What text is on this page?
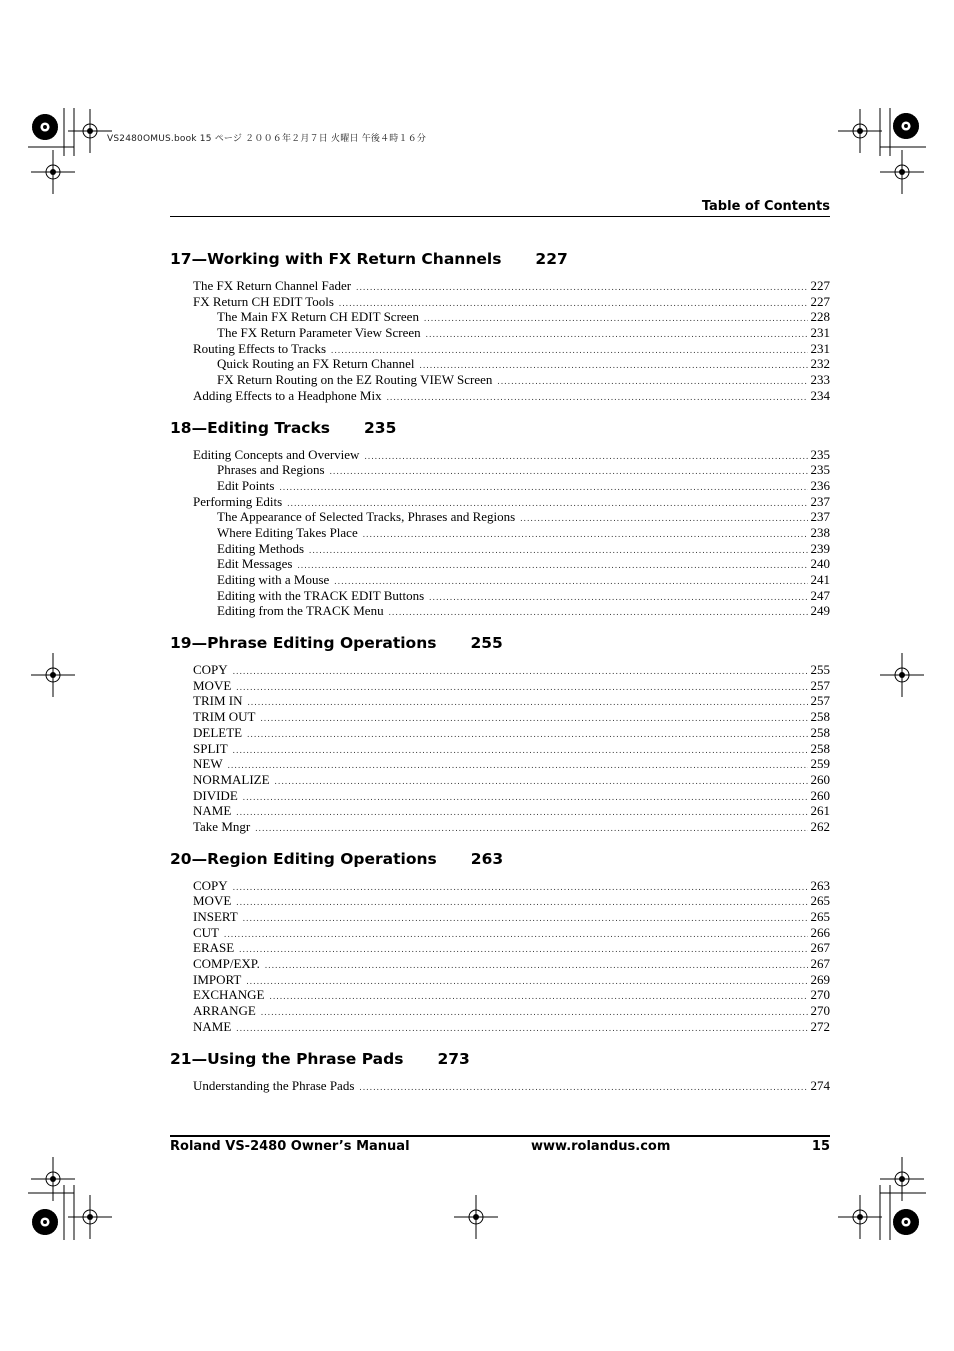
VS2480OMUS.book 15 ページ ２００６年２月７日 火曜日 午後４時１６分
Table of Contents
17—Working with FX Return Channels 227
The FX Return Channel Fader .....	227
FX Return CH EDIT Tools .....	227
The Main FX Return CH EDIT Screen .....	228
The FX Return Parameter View Screen .....	231
Routing Effects to Tracks .....	231
Quick Routing an FX Return Channel .....	232
FX Return Routing on the EZ Routing VIEW Screen .....	233
Adding Effects to a Headphone Mix .....	234
18—Editing Tracks 235
Editing Concepts and Overview .....	235
Phrases and Regions .....	235
Edit Points .....	236
Performing Edits .....	237
The Appearance of Selected Tracks, Phrases and Regions .....	237
Where Editing Takes Place .....	238
Editing Methods .....	239
Edit Messages .....	240
Editing with a Mouse .....	241
Editing with the TRACK EDIT Buttons .....	247
Editing from the TRACK Menu .....	249
19—Phrase Editing Operations 255
COPY .....	255
MOVE .....	257
TRIM IN .....	257
TRIM OUT .....	258
DELETE .....	258
SPLIT .....	258
NEW .....	259
NORMALIZE .....	260
DIVIDE .....	260
NAME .....	261
Take Mngr .....	262
20—Region Editing Operations 263
COPY .....	263
MOVE .....	265
INSERT .....	265
CUT .....	266
ERASE .....	267
COMP/EXP. .....	267
IMPORT .....	269
EXCHANGE .....	270
ARRANGE .....	270
NAME .....	272
21—Using the Phrase Pads 273
Understanding the Phrase Pads .....	274
Roland VS-2480 Owner’s Manual	www.rolandus.com	15
